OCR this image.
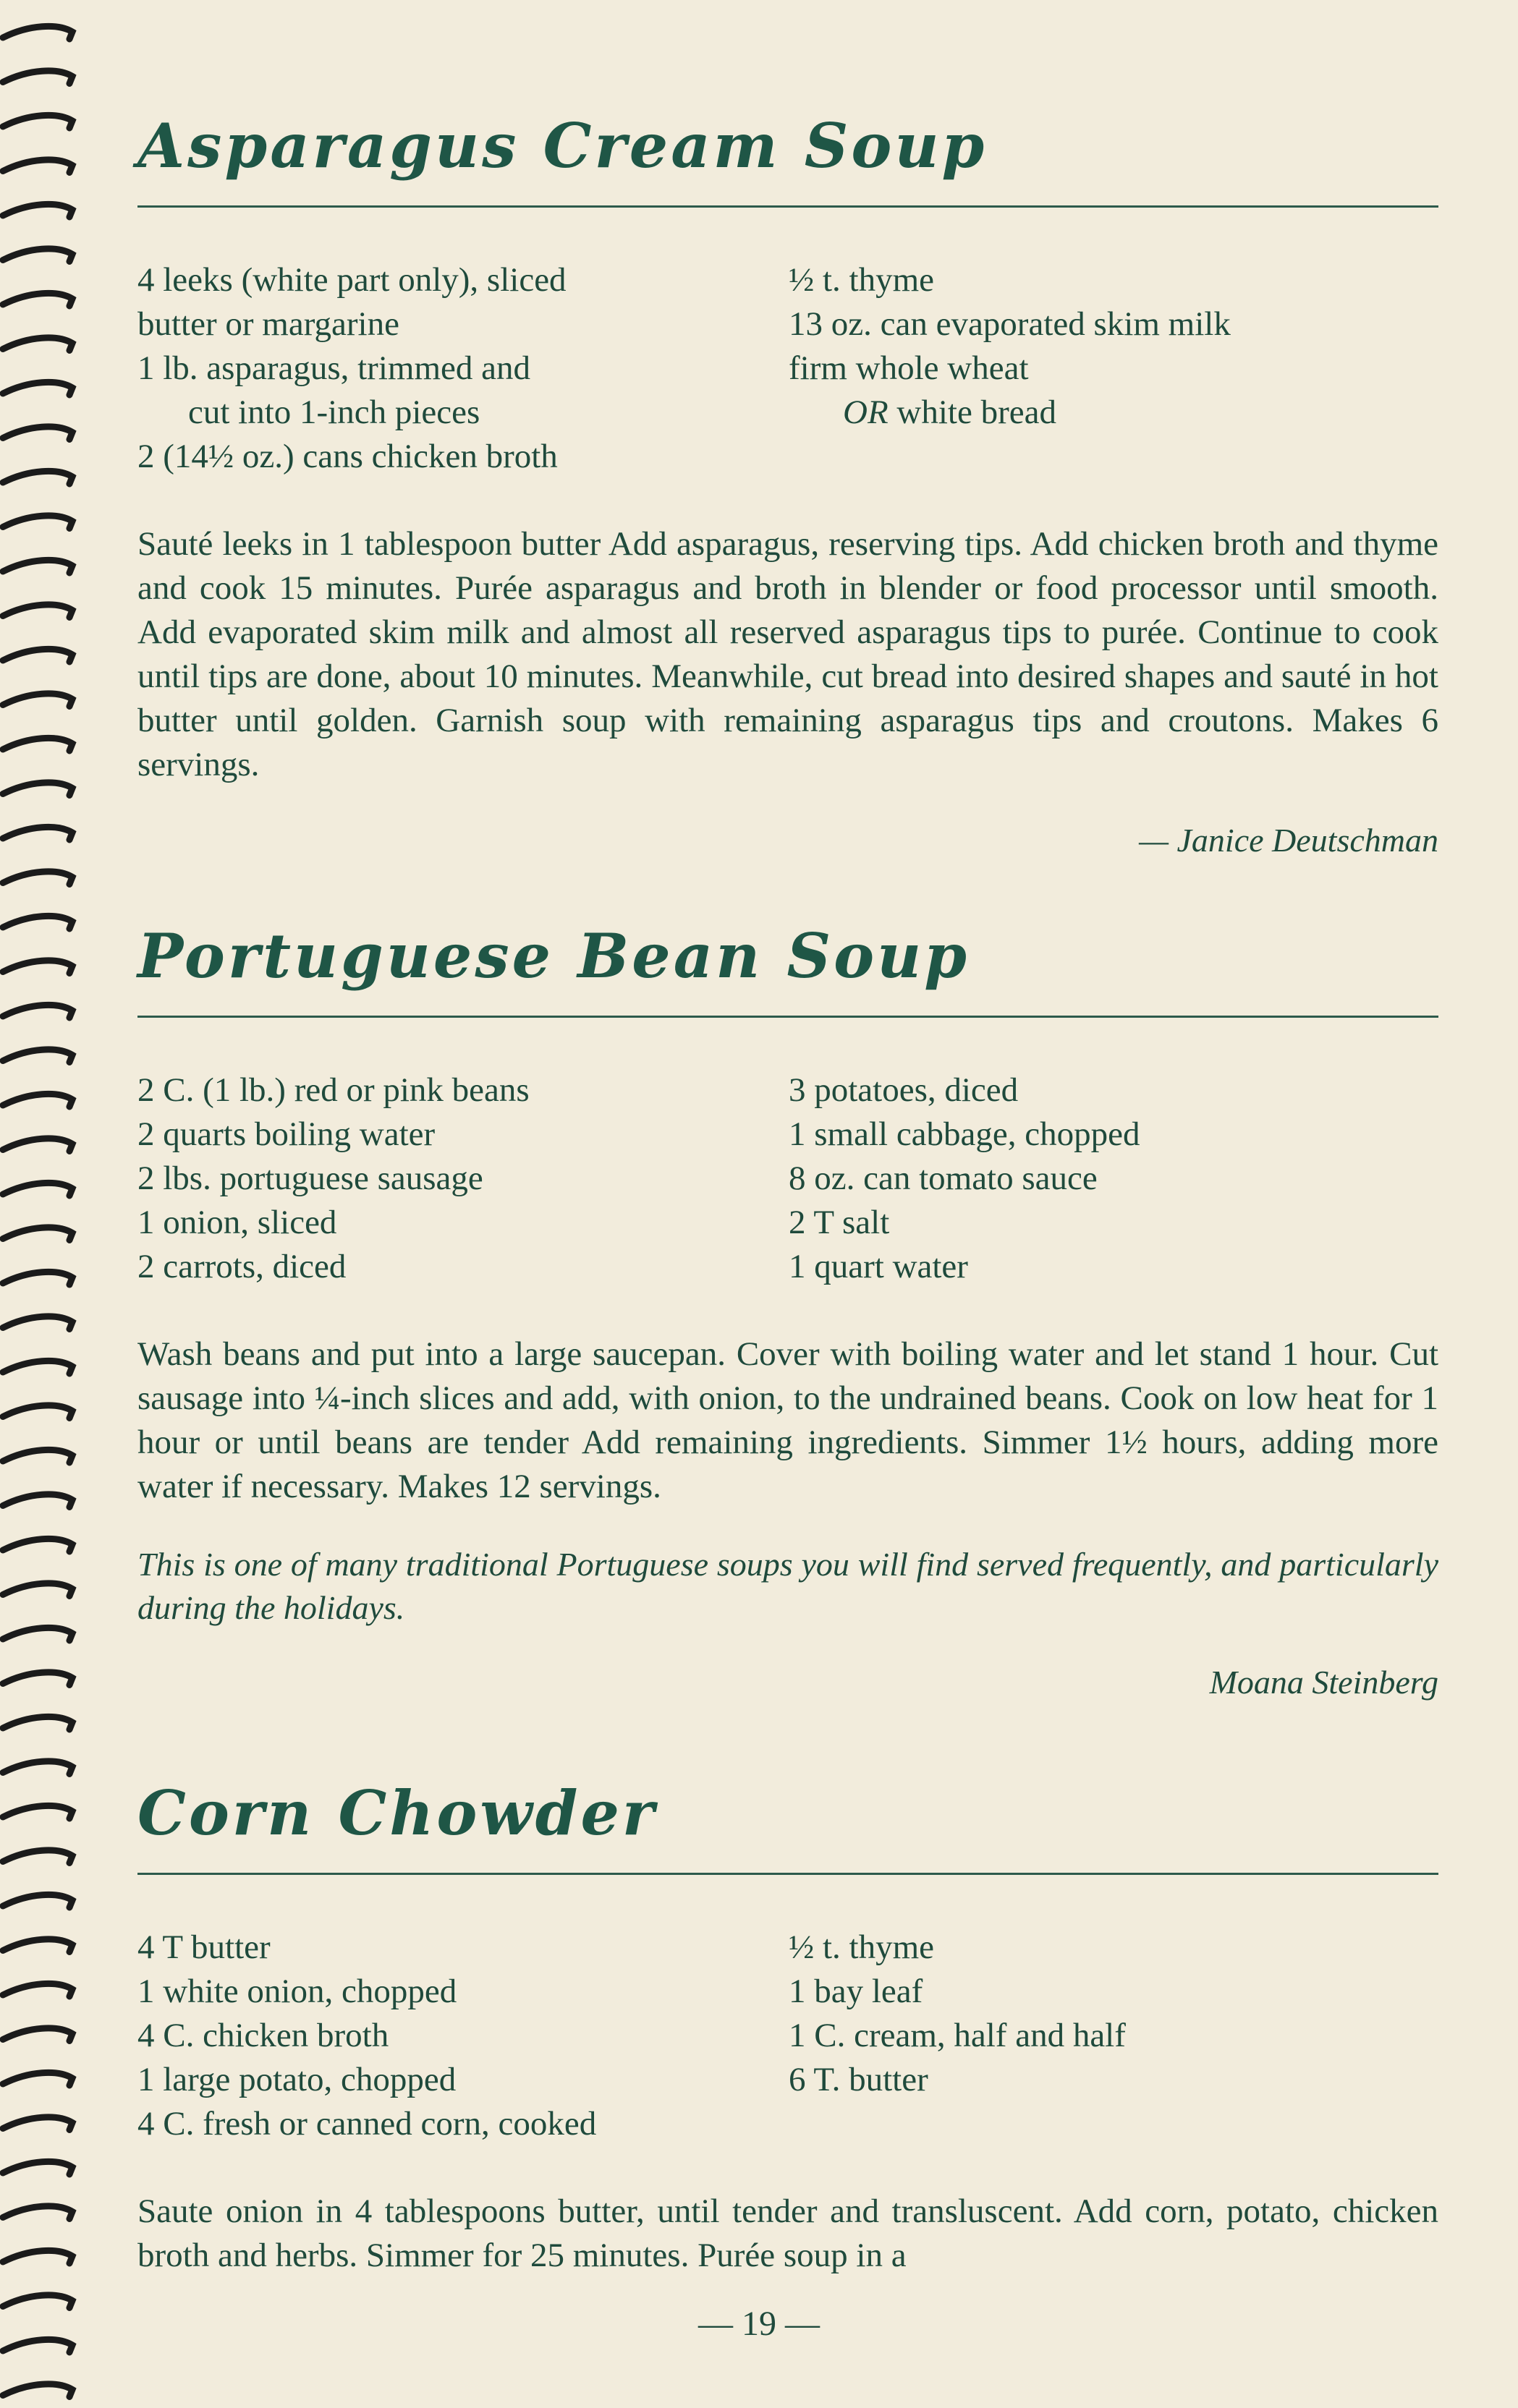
Asparagus Cream Soup
4 leeks (white part only), sliced
butter or margarine
1 lb. asparagus, trimmed and
cut into 1-inch pieces
2 (14½ oz.) cans chicken broth
½ t. thyme
13 oz. can evaporated skim milk
firm whole wheat
OR white bread

Sauté leeks in 1 tablespoon butter Add asparagus, reserving tips. Add chicken broth and thyme and cook 15 minutes. Purée asparagus and broth in blender or food processor until smooth. Add evaporated skim milk and almost all reserved asparagus tips to purée. Continue to cook until tips are done, about 10 minutes. Meanwhile, cut bread into desired shapes and sauté in hot butter until golden. Garnish soup with remaining asparagus tips and croutons. Makes 6 servings.

— Janice Deutschman
Portuguese Bean Soup
2 C. (1 lb.) red or pink beans
2 quarts boiling water
2 lbs. portuguese sausage
1 onion, sliced
2 carrots, diced
3 potatoes, diced
1 small cabbage, chopped
8 oz. can tomato sauce
2 T salt
1 quart water

Wash beans and put into a large saucepan. Cover with boiling water and let stand 1 hour. Cut sausage into ¼-inch slices and add, with onion, to the undrained beans. Cook on low heat for 1 hour or until beans are tender Add remaining ingredients. Simmer 1½ hours, adding more water if necessary. Makes 12 servings.

This is one of many traditional Portuguese soups you will find served frequently, and particularly during the holidays.

Moana Steinberg
Corn Chowder
4 T butter
1 white onion, chopped
4 C. chicken broth
1 large potato, chopped
4 C. fresh or canned corn, cooked
½ t. thyme
1 bay leaf
1 C. cream, half and half
6 T. butter

Saute onion in 4 tablespoons butter, until tender and transluscent. Add corn, potato, chicken broth and herbs. Simmer for 25 minutes. Purée soup in a

— 19 —
